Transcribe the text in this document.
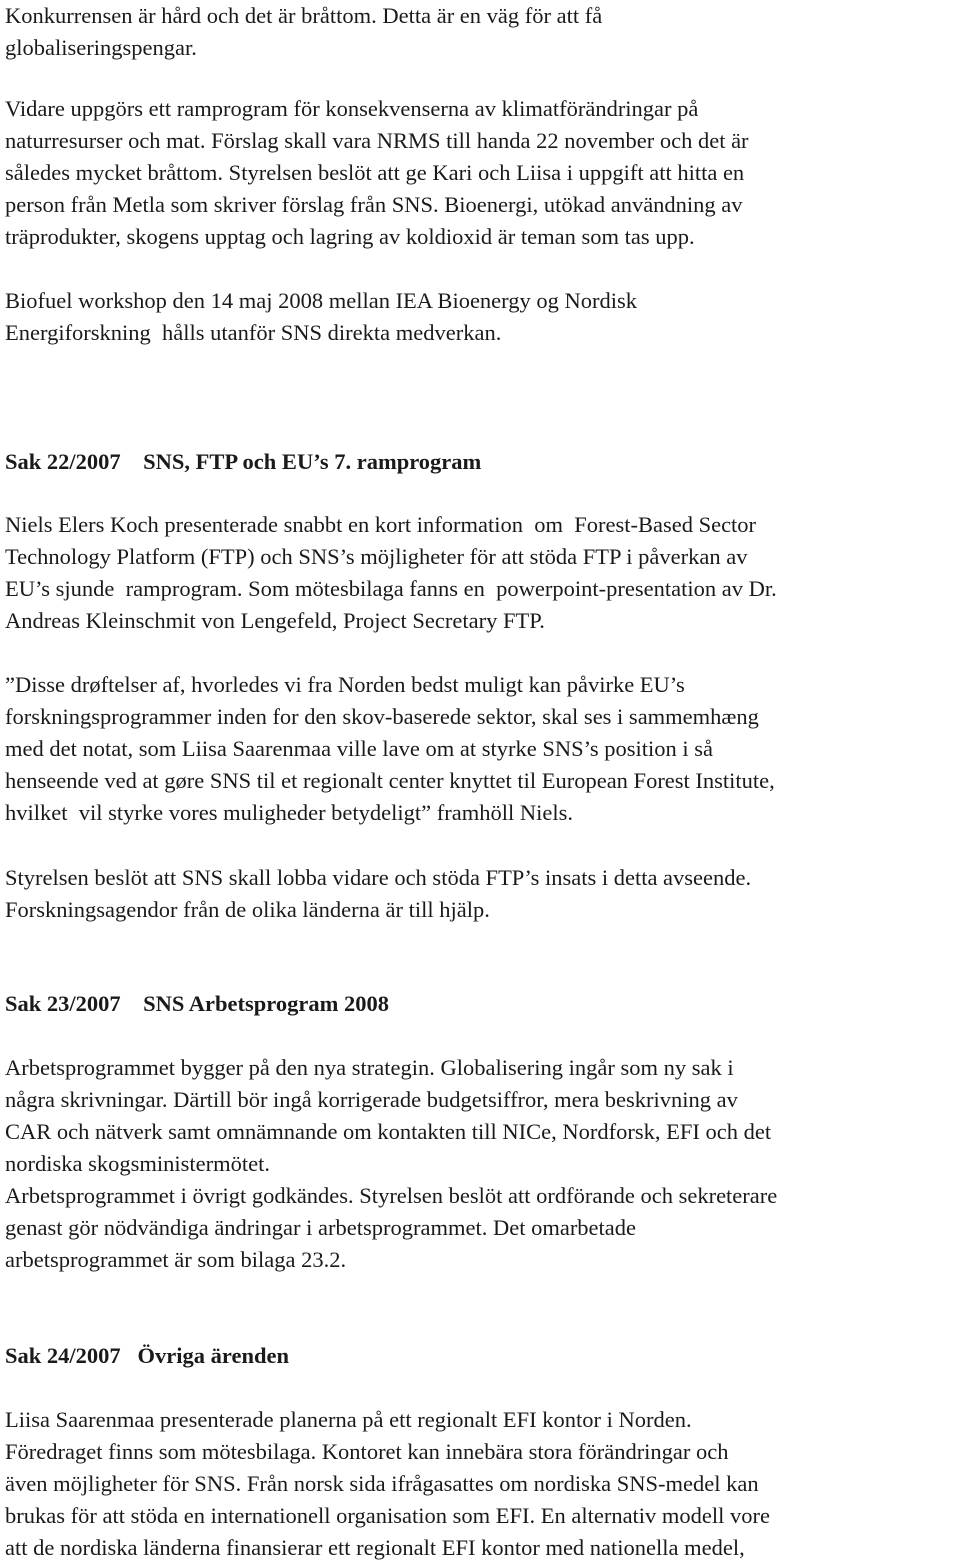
Konkurrensen är hård och det är bråttom. Detta är en väg för att få
globaliseringspengar.
Vidare uppgörs ett ramprogram för konsekvenserna av klimatförändringar på
naturresurser och mat. Förslag skall vara NRMS till handa 22 november och det är
således mycket bråttom. Styrelsen beslöt att ge Kari och Liisa i uppgift att hitta en
person från Metla som skriver förslag från SNS. Bioenergi, utökad användning av
träprodukter, skogens upptag och lagring av koldioxid är teman som tas upp.
Biofuel workshop den 14 maj 2008 mellan IEA Bioenergy og Nordisk
Energiforskning  hålls utanför SNS direkta medverkan.
Sak 22/2007    SNS, FTP och EU’s 7. ramprogram
Niels Elers Koch presenterade snabbt en kort information  om  Forest-Based Sector
Technology Platform (FTP) och SNS’s möjligheter för att stöda FTP i påverkan av
EU’s sjunde  ramprogram. Som mötesbilaga fanns en  powerpoint-presentation av Dr.
Andreas Kleinschmit von Lengefeld, Project Secretary FTP.
”Disse drøftelser af, hvorledes vi fra Norden bedst muligt kan påvirke EU’s
forskningsprogrammer inden for den skov-baserede sektor, skal ses i sammemhæng
med det notat, som Liisa Saarenmaa ville lave om at styrke SNS’s position i så
henseende ved at gøre SNS til et regionalt center knyttet til European Forest Institute,
hvilket  vil styrke vores muligheder betydeligt” framhöll Niels.
Styrelsen beslöt att SNS skall lobba vidare och stöda FTP’s insats i detta avseende.
Forskningsagendor från de olika länderna är till hjälp.
Sak 23/2007    SNS Arbetsprogram 2008
Arbetsprogrammet bygger på den nya strategin. Globalisering ingår som ny sak i
några skrivningar. Därtill bör ingå korrigerade budgetsiffror, mera beskrivning av
CAR och nätverk samt omnämnande om kontakten till NICe, Nordforsk, EFI och det
nordiska skogsministermötet.
Arbetsprogrammet i övrigt godkändes. Styrelsen beslöt att ordförande och sekreterare
genast gör nödvändiga ändringar i arbetsprogrammet. Det omarbetade
arbetsprogrammet är som bilaga 23.2.
Sak 24/2007   Övriga ärenden
Liisa Saarenmaa presenterade planerna på ett regionalt EFI kontor i Norden.
Föredraget finns som mötesbilaga. Kontoret kan innebära stora förändringar och
även möjligheter för SNS. Från norsk sida ifrågasattes om nordiska SNS-medel kan
brukas för att stöda en internationell organisation som EFI. En alternativ modell vore
att de nordiska länderna finansierar ett regionalt EFI kontor med nationella medel,
